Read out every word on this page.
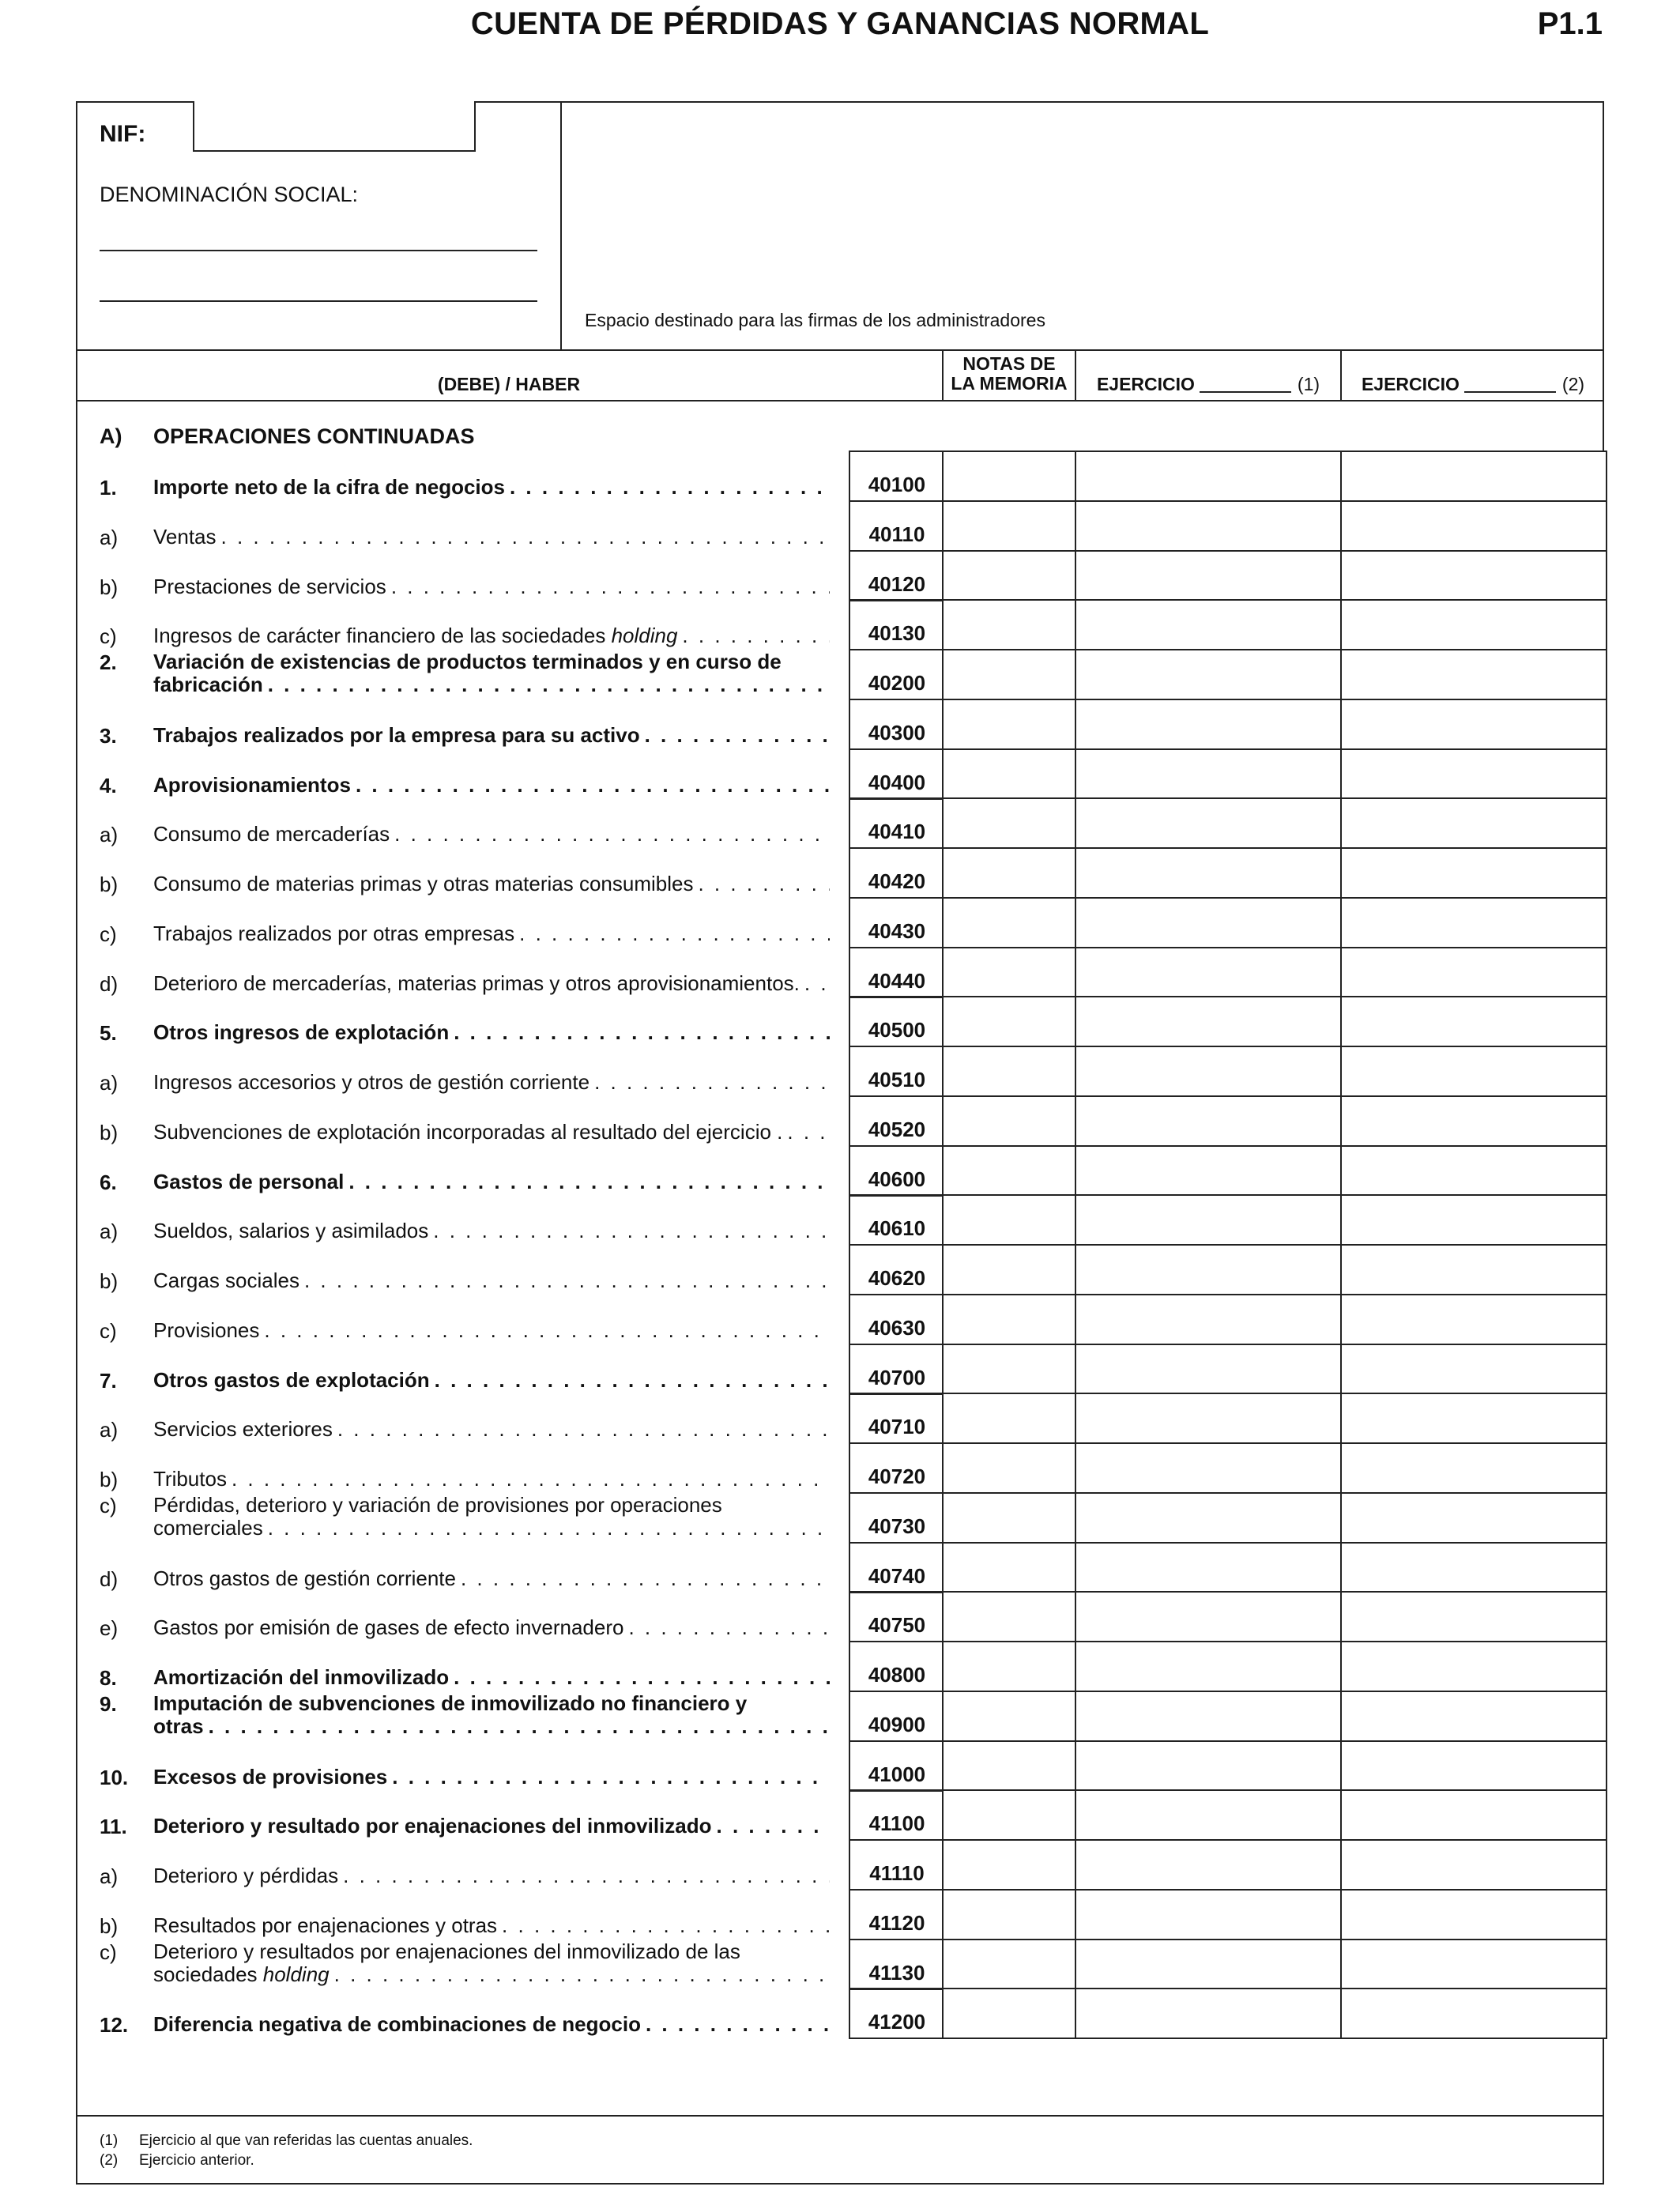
CUENTA DE PÉRDIDAS Y GANANCIAS NORMAL	P1.1
NIF:
DENOMINACIÓN SOCIAL:
Espacio destinado para las firmas de los administradores
(DEBE) / HABER
NOTAS DE
LA MEMORIA	EJERCICIO	(1)	EJERCICIO	(2)
A) OPERACIONES CONTINUADAS
1. Importe neto de la cifra de negocios . . .	40100
a) Ventas . . .	40110
b) Prestaciones de servicios . . .	40120
c) Ingresos de carácter financiero de las sociedades holding . . .	40130
2. Variación de existencias de productos terminados y en curso de
fabricación . . .	40200
3. Trabajos realizados por la empresa para su activo . . .	40300
4. Aprovisionamientos . . .	40400
a) Consumo de mercaderías . . .	40410
b) Consumo de materias primas y otras materias consumibles . . .	40420
c) Trabajos realizados por otras empresas . . .	40430
d) Deterioro de mercaderías, materias primas y otros aprovisionamientos. . . .	40440
5. Otros ingresos de explotación . . .	40500
a) Ingresos accesorios y otros de gestión corriente . . .	40510
b) Subvenciones de explotación incorporadas al resultado del ejercicio . . . .	40520
6. Gastos de personal . . .	40600
a) Sueldos, salarios y asimilados . . .	40610
b) Cargas sociales . . .	40620
c) Provisiones . . .	40630
7. Otros gastos de explotación . . .	40700
a) Servicios exteriores . . .	40710
b) Tributos . . .	40720
c) Pérdidas, deterioro y variación de provisiones por operaciones
comerciales . . .	40730
d) Otros gastos de gestión corriente . . .	40740
e) Gastos por emisión de gases de efecto invernadero . . .	40750
8. Amortización del inmovilizado . . .	40800
9. Imputación de subvenciones de inmovilizado no financiero y
otras . . .	40900
10. Excesos de provisiones . . .	41000
11. Deterioro y resultado por enajenaciones del inmovilizado . . .	41100
a) Deterioro y pérdidas . . .	41110
b) Resultados por enajenaciones y otras . . .	41120
c) Deterioro y resultados por enajenaciones del inmovilizado de las
sociedades holding . . .	41130
12. Diferencia negativa de combinaciones de negocio . . .	41200
(1) Ejercicio al que van referidas las cuentas anuales.
(2) Ejercicio anterior.
